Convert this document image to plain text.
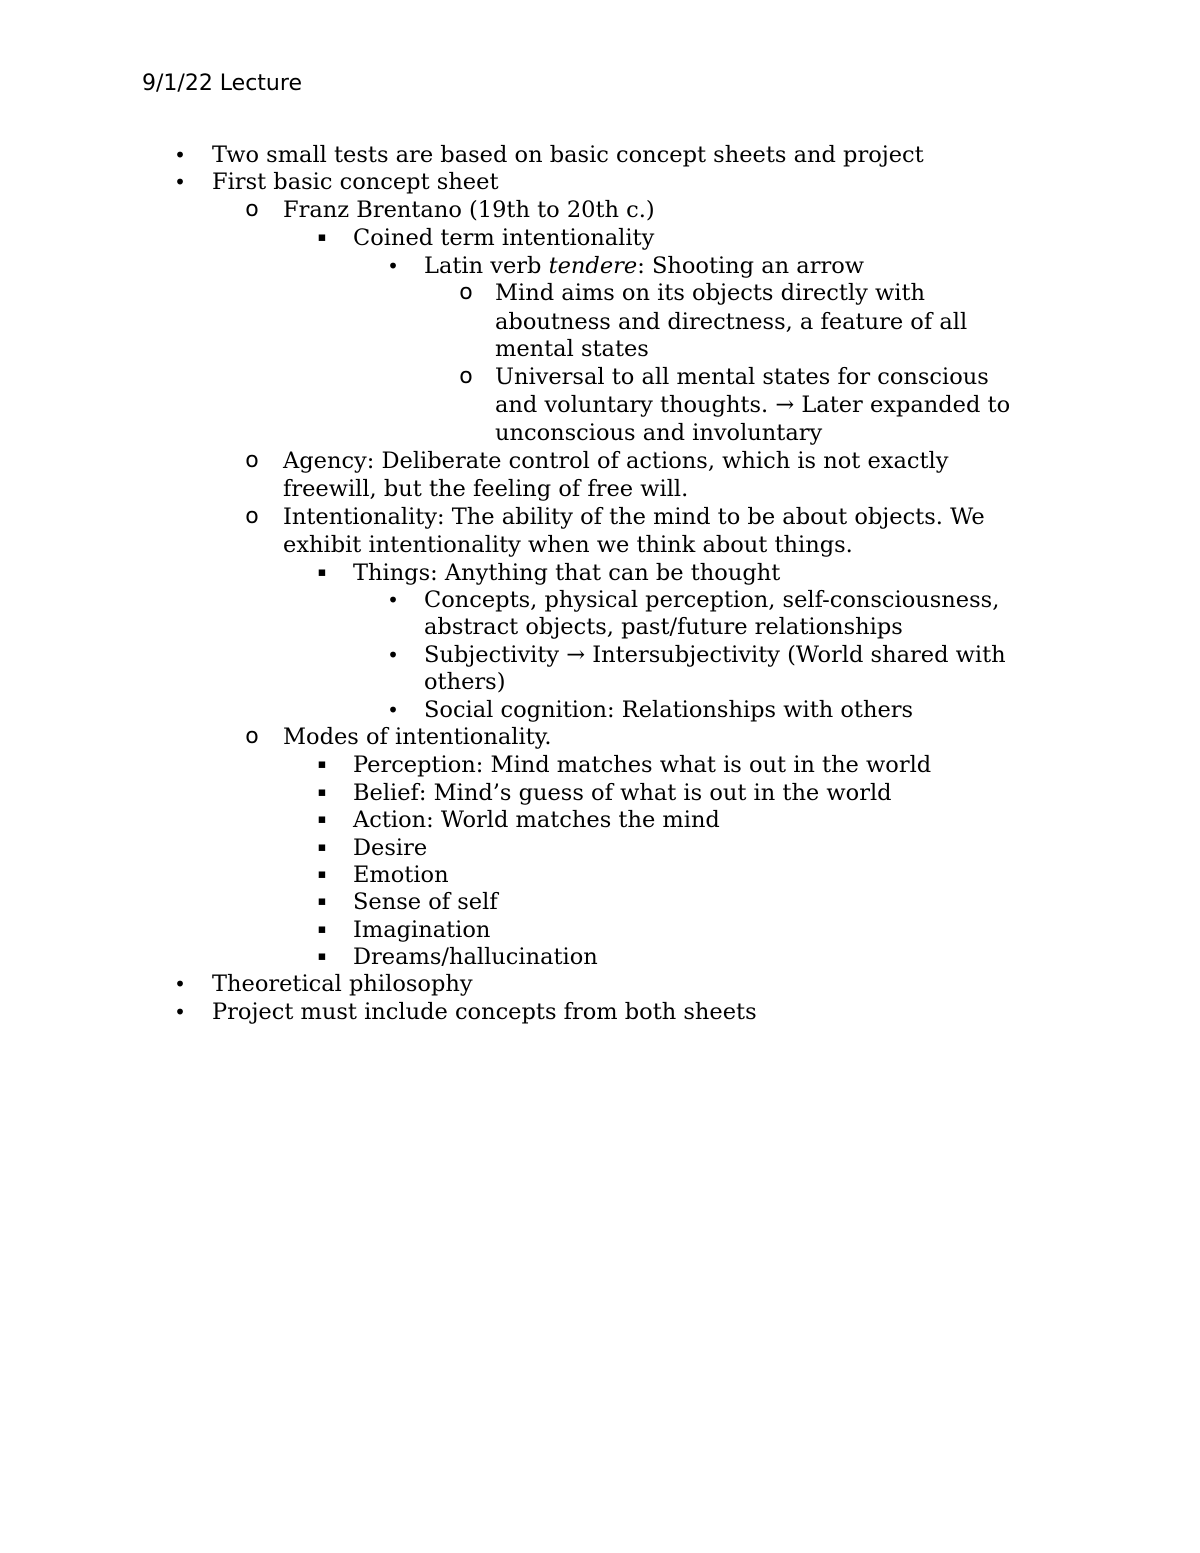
9/1/22 Lecture
• Two small tests are based on basic concept sheets and project
• First basic concept sheet
o Franz Brentano (19th to 20th c.)
▪	Coined term intentionality
• Latin verb tendere: Shooting an arrow
o Mind aims on its objects directly with
aboutness and directness, a feature of all
mental states
o Universal to all mental states for conscious
and voluntary thoughts. → Later expanded to
unconscious and involuntary
o Agency: Deliberate control of actions, which is not exactly
freewill, but the feeling of free will.
o Intentionality: The ability of the mind to be about objects. We
exhibit intentionality when we think about things.
▪	Things: Anything that can be thought
• Concepts, physical perception, self-consciousness,
abstract objects, past/future relationships
• Subjectivity → Intersubjectivity (World shared with
others)
• Social cognition: Relationships with others
o Modes of intentionality.
▪	Perception: Mind matches what is out in the world
▪	Belief: Mind’s guess of what is out in the world
▪	Action: World matches the mind
▪	Desire
▪	Emotion
▪	Sense of self
▪	Imagination
▪	Dreams/hallucination
• Theoretical philosophy
• Project must include concepts from both sheets
